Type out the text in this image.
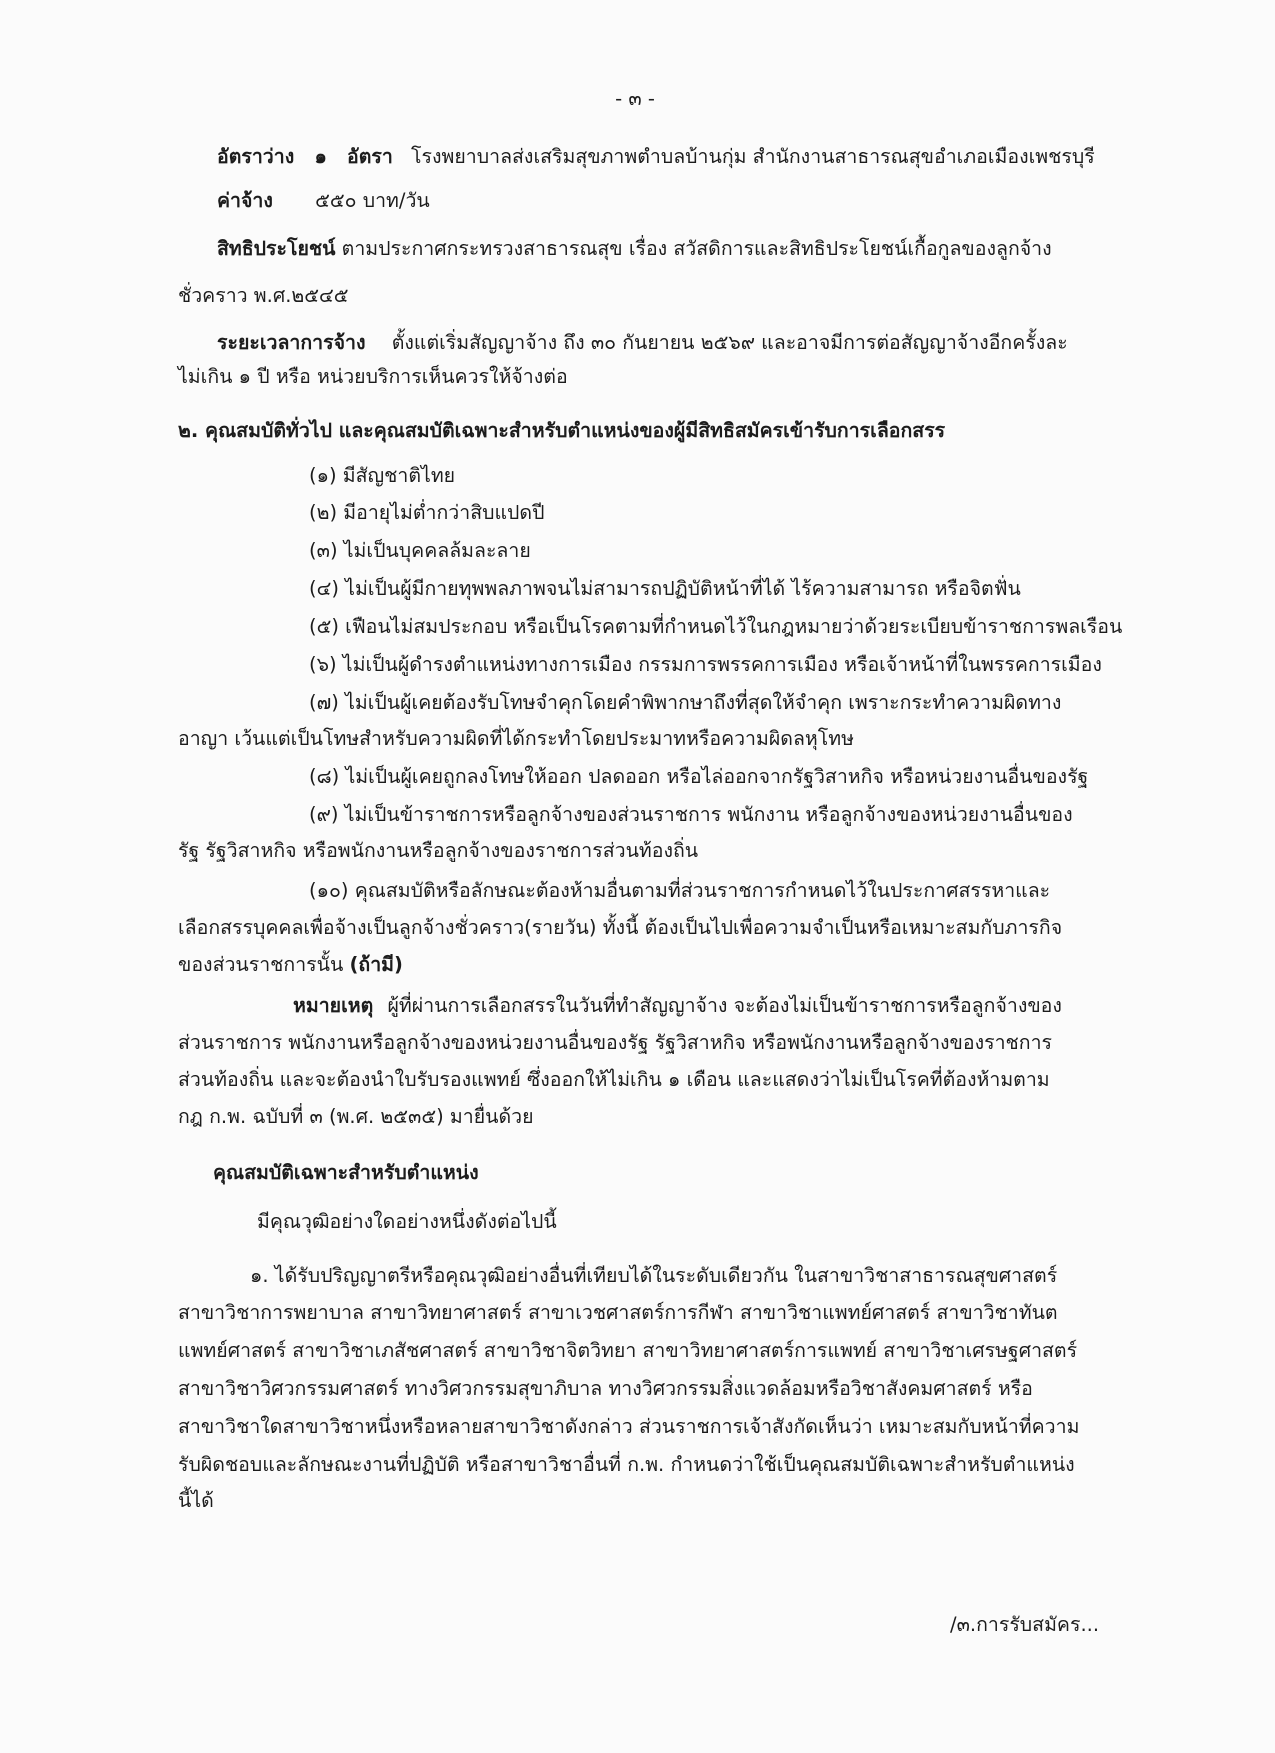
- ๓ -
อัตราว่าง ๑ อัตรา โรงพยาบาลส่งเสริมสุขภาพตำบลบ้านกุ่ม สำนักงานสาธารณสุขอำเภอเมืองเพชรบุรี
ค่าจ้าง ๕๕๐ บาท/วัน
สิทธิประโยชน์ ตามประกาศกระทรวงสาธารณสุข เรื่อง สวัสดิการและสิทธิประโยชน์เกื้อกูลของลูกจ้าง
ชั่วคราว พ.ศ.๒๕๔๕
ระยะเวลาการจ้าง ตั้งแต่เริ่มสัญญาจ้าง ถึง ๓๐ กันยายน ๒๕๖๙ และอาจมีการต่อสัญญาจ้างอีกครั้งละ
ไม่เกิน ๑ ปี หรือ หน่วยบริการเห็นควรให้จ้างต่อ
๒. คุณสมบัติทั่วไป และคุณสมบัติเฉพาะสำหรับตำแหน่งของผู้มีสิทธิสมัครเข้ารับการเลือกสรร
(๑) มีสัญชาติไทย
(๒) มีอายุไม่ต่ำกว่าสิบแปดปี
(๓) ไม่เป็นบุคคลล้มละลาย
(๔) ไม่เป็นผู้มีกายทุพพลภาพจนไม่สามารถปฏิบัติหน้าที่ได้ ไร้ความสามารถ หรือจิตฟั่น
(๕) เฟือนไม่สมประกอบ หรือเป็นโรคตามที่กำหนดไว้ในกฎหมายว่าด้วยระเบียบข้าราชการพลเรือน
(๖) ไม่เป็นผู้ดำรงตำแหน่งทางการเมือง กรรมการพรรคการเมือง หรือเจ้าหน้าที่ในพรรคการเมือง
(๗) ไม่เป็นผู้เคยต้องรับโทษจำคุกโดยคำพิพากษาถึงที่สุดให้จำคุก เพราะกระทำความผิดทาง
อาญา เว้นแต่เป็นโทษสำหรับความผิดที่ได้กระทำโดยประมาทหรือความผิดลหุโทษ
(๘) ไม่เป็นผู้เคยถูกลงโทษให้ออก ปลดออก หรือไล่ออกจากรัฐวิสาหกิจ หรือหน่วยงานอื่นของรัฐ
(๙) ไม่เป็นข้าราชการหรือลูกจ้างของส่วนราชการ พนักงาน หรือลูกจ้างของหน่วยงานอื่นของ
รัฐ รัฐวิสาหกิจ หรือพนักงานหรือลูกจ้างของราชการส่วนท้องถิ่น
(๑๐) คุณสมบัติหรือลักษณะต้องห้ามอื่นตามที่ส่วนราชการกำหนดไว้ในประกาศสรรหาและ
เลือกสรรบุคคลเพื่อจ้างเป็นลูกจ้างชั่วคราว(รายวัน) ทั้งนี้ ต้องเป็นไปเพื่อความจำเป็นหรือเหมาะสมกับภารกิจ
ของส่วนราชการนั้น (ถ้ามี)
หมายเหตุ ผู้ที่ผ่านการเลือกสรรในวันที่ทำสัญญาจ้าง จะต้องไม่เป็นข้าราชการหรือลูกจ้างของ
ส่วนราชการ พนักงานหรือลูกจ้างของหน่วยงานอื่นของรัฐ รัฐวิสาหกิจ หรือพนักงานหรือลูกจ้างของราชการ
ส่วนท้องถิ่น และจะต้องนำใบรับรองแพทย์ ซึ่งออกให้ไม่เกิน ๑ เดือน และแสดงว่าไม่เป็นโรคที่ต้องห้ามตาม
กฎ ก.พ. ฉบับที่ ๓ (พ.ศ. ๒๕๓๕) มายื่นด้วย
คุณสมบัติเฉพาะสำหรับตำแหน่ง
มีคุณวุฒิอย่างใดอย่างหนึ่งดังต่อไปนี้
๑. ได้รับปริญญาตรีหรือคุณวุฒิอย่างอื่นที่เทียบได้ในระดับเดียวกัน ในสาขาวิชาสาธารณสุขศาสตร์
สาขาวิชาการพยาบาล สาขาวิทยาศาสตร์ สาขาเวชศาสตร์การกีฬา สาขาวิชาแพทย์ศาสตร์ สาขาวิชาทันต
แพทย์ศาสตร์ สาขาวิชาเภสัชศาสตร์ สาขาวิชาจิตวิทยา สาขาวิทยาศาสตร์การแพทย์ สาขาวิชาเศรษฐศาสตร์
สาขาวิชาวิศวกรรมศาสตร์ ทางวิศวกรรมสุขาภิบาล ทางวิศวกรรมสิ่งแวดล้อมหรือวิชาสังคมศาสตร์ หรือ
สาขาวิชาใดสาขาวิชาหนึ่งหรือหลายสาขาวิชาดังกล่าว ส่วนราชการเจ้าสังกัดเห็นว่า เหมาะสมกับหน้าที่ความ
รับผิดชอบและลักษณะงานที่ปฏิบัติ หรือสาขาวิชาอื่นที่ ก.พ. กำหนดว่าใช้เป็นคุณสมบัติเฉพาะสำหรับตำแหน่ง
นี้ได้
/๓.การรับสมัคร...
